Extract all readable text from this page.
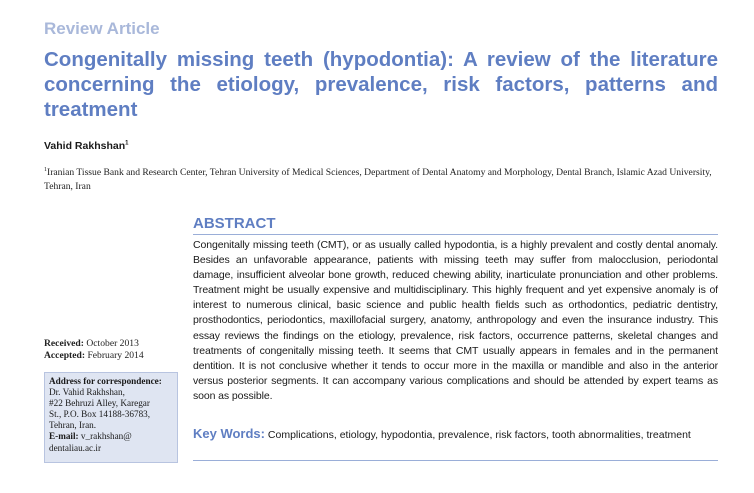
Review Article
Congenitally missing teeth (hypodontia): A review of the literature concerning the etiology, prevalence, risk factors, patterns and treatment
Vahid Rakhshan$^1$
$^1$Iranian Tissue Bank and Research Center, Tehran University of Medical Sciences, Department of Dental Anatomy and Morphology, Dental Branch, Islamic Azad University, Tehran, Iran
ABSTRACT
Congenitally missing teeth (CMT), or as usually called hypodontia, is a highly prevalent and costly dental anomaly. Besides an unfavorable appearance, patients with missing teeth may suffer from malocclusion, periodontal damage, insufficient alveolar bone growth, reduced chewing ability, inarticulate pronunciation and other problems. Treatment might be usually expensive and multidisciplinary. This highly frequent and yet expensive anomaly is of interest to numerous clinical, basic science and public health fields such as orthodontics, pediatric dentistry, prosthodontics, periodontics, maxillofacial surgery, anatomy, anthropology and even the insurance industry. This essay reviews the findings on the etiology, prevalence, risk factors, occurrence patterns, skeletal changes and treatments of congenitally missing teeth. It seems that CMT usually appears in females and in the permanent dentition. It is not conclusive whether it tends to occur more in the maxilla or mandible and also in the anterior versus posterior segments. It can accompany various complications and should be attended by expert teams as soon as possible.
Key Words: Complications, etiology, hypodontia, prevalence, risk factors, tooth abnormalities, treatment
Received: October 2013
Accepted: February 2014
Address for correspondence:
Dr. Vahid Rakhshan,
#22 Behruzi Alley, Karegar
St., P.O. Box 14188-36783,
Tehran, Iran.
E-mail: v_rakhshan@ dentaliau.ac.ir
